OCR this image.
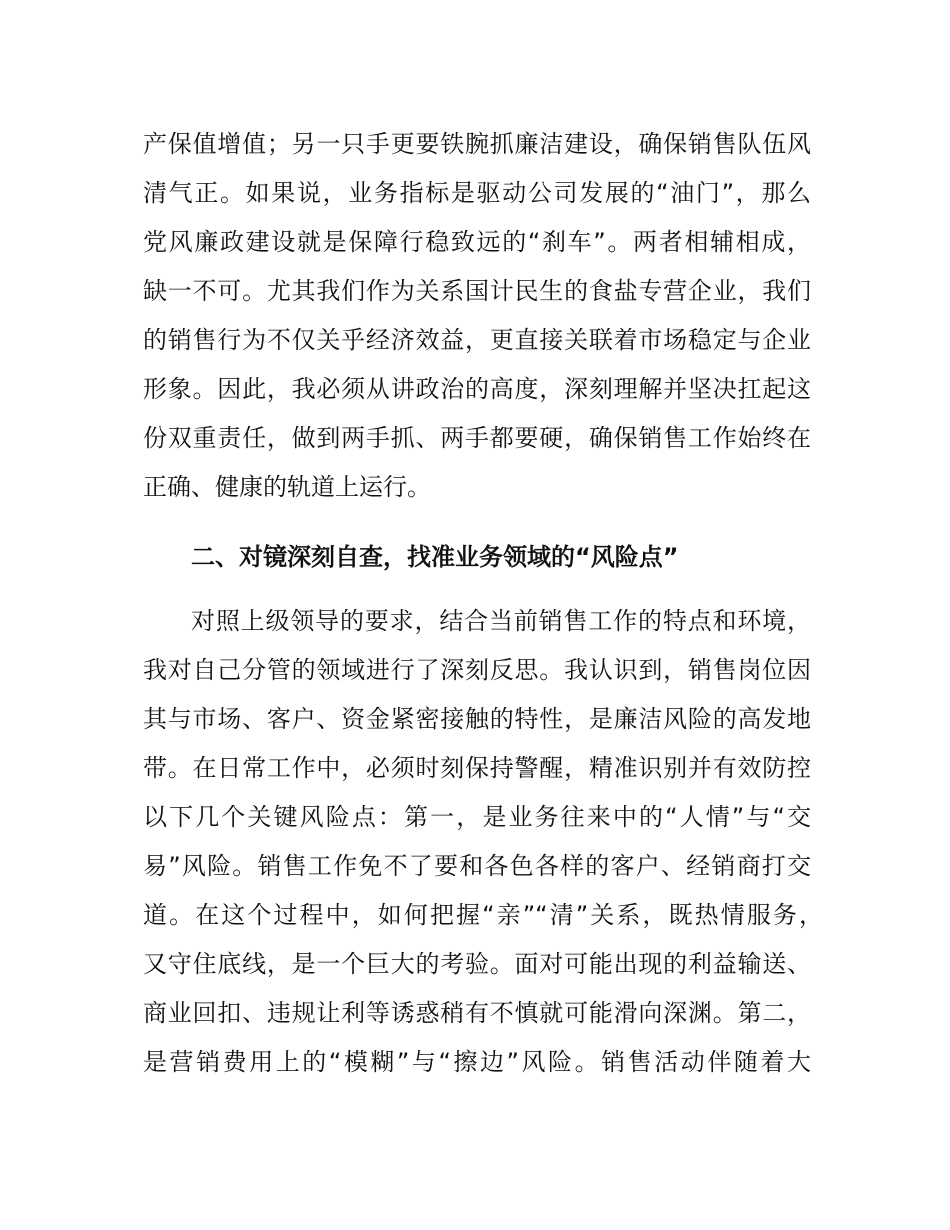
产保值增值；另一只手更要铁腕抓廉洁建设，确保销售队伍风
清气正。如果说，业务指标是驱动公司发展的“油门”，那么
党风廉政建设就是保障行稳致远的“刹车”。两者相辅相成，
缺一不可。尤其我们作为关系国计民生的食盐专营企业，我们
的销售行为不仅关乎经济效益，更直接关联着市场稳定与企业
形象。因此，我必须从讲政治的高度，深刻理解并坚决扛起这
份双重责任，做到两手抓、两手都要硬，确保销售工作始终在
正确、健康的轨道上运行。
二、对镜深刻自查，找准业务领域的“风险点”
对照上级领导的要求，结合当前销售工作的特点和环境，
我对自己分管的领域进行了深刻反思。我认识到，销售岗位因
其与市场、客户、资金紧密接触的特性，是廉洁风险的高发地
带。在日常工作中，必须时刻保持警醒，精准识别并有效防控
以下几个关键风险点：第一，是业务往来中的“人情”与“交
易”风险。销售工作免不了要和各色各样的客户、经销商打交
道。在这个过程中，如何把握“亲”“清”关系，既热情服务，
又守住底线，是一个巨大的考验。面对可能出现的利益输送、
商业回扣、违规让利等诱惑稍有不慎就可能滑向深渊。第二，
是营销费用上的“模糊”与“擦边”风险。销售活动伴随着大
